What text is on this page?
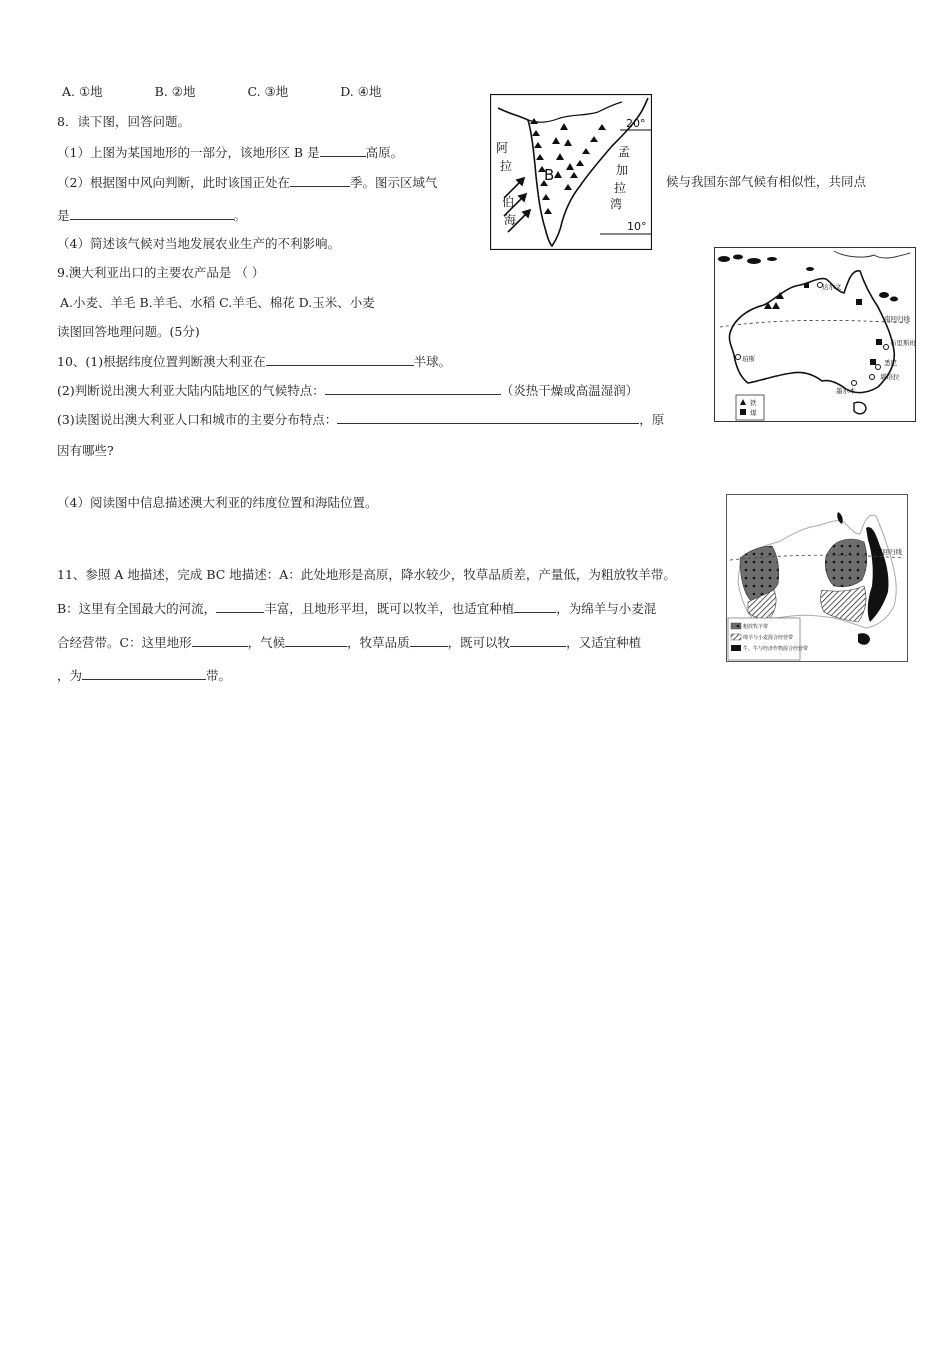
A. ①地	B. ②地	C. ③地	D. ④地
8．读下图，回答问题。
（1）上图为某国地形的一部分，该地形区 B 是	高原。
（2）根据图中风向判断，此时该国正处在	季。图示区域气	候与我国东部气候有相似性，共同点
是	。
（4）简述该气候对当地发展农业生产的不利影响。
20°
10°
B
阿
拉
伯
海
孟
加
拉
湾
9.澳大利亚出口的主要农产品是 （ ）
A.小麦、羊毛 B.羊毛、水稻 C.羊毛、棉花 D.玉米、小麦
读图回答地理问题。(5分)
南回归线
达尔文
珀斯
墨尔本
悉尼
布里斯班
堪培拉
铁
煤
10、(1)根据纬度位置判断澳大利亚在	半球。
(2)判断说出澳大利亚大陆内陆地区的气候特点：	（炎热干燥或高温湿润）
(3)读图说出澳大利亚人口和城市的主要分布特点：	，原
因有哪些?
（4）阅读图中信息描述澳大利亚的纬度位置和海陆位置。
南回归线
粗放牧羊带
绵羊与小麦混合经营带
牛、牛与经济作物混合经营带
11、参照 A 地描述，完成 BC 地描述：A：此处地形是高原，降水较少，牧草品质差，产量低，为粗放牧羊带。
B：这里有全国最大的河流，	丰富，且地形平坦，既可以牧羊，也适宜种植	，为绵羊与小麦混
合经营带。C：这里地形	，气候	，牧草品质	，既可以牧	，又适宜种植
，为	带。
